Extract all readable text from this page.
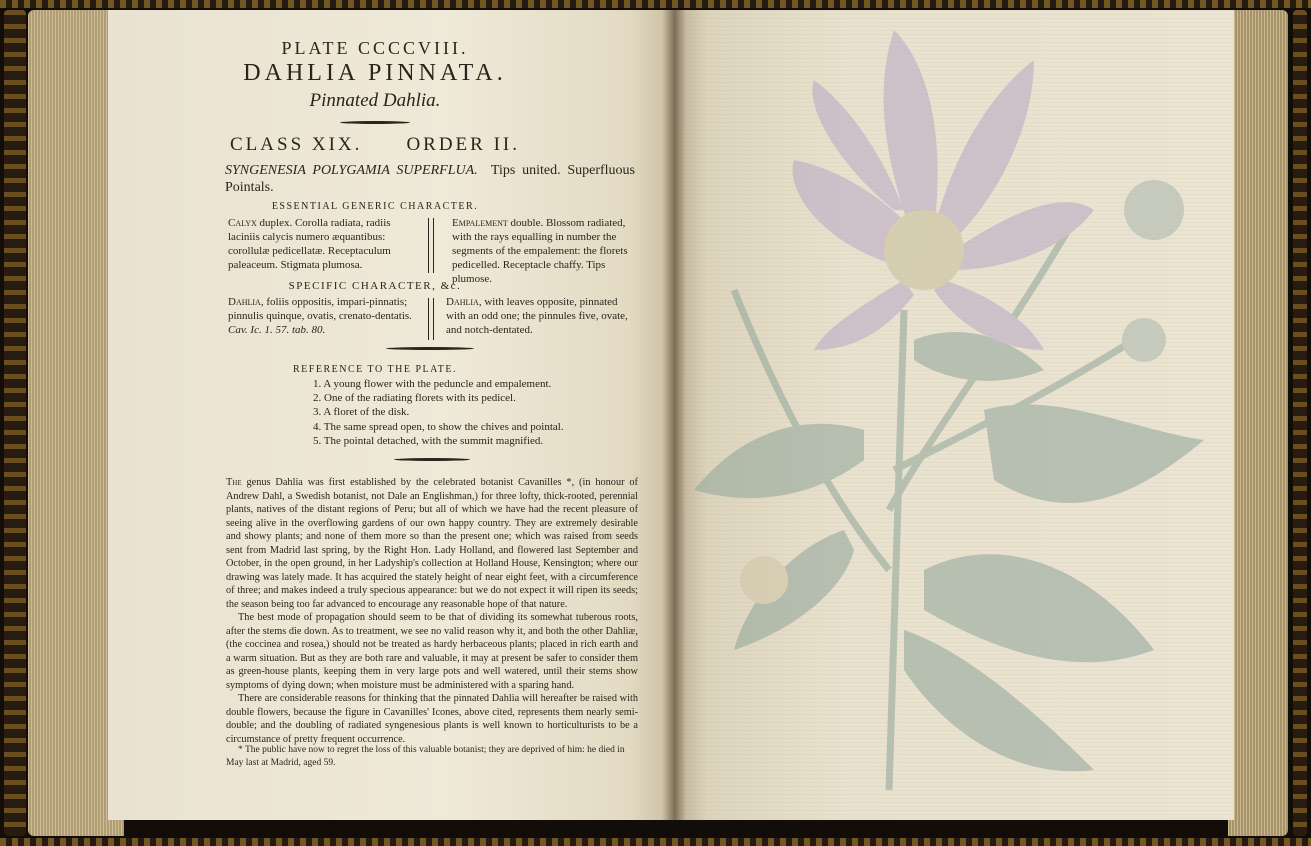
PLATE CCCCVIII.
DAHLIA PINNATA.
Pinnated Dahlia.
CLASS XIX. ORDER II.
SYNGENESIA POLYGAMIA SUPERFLUA. Tips united. Superfluous Pointals.
ESSENTIAL GENERIC CHARACTER.
Calyx duplex. Corolla radiata, radiis laciniis calycis numero æquantibus: corollulæ pedicellatæ. Receptaculum paleaceum. Stigmata plumosa.
Empalement double. Blossom radiated, with the rays equalling in number the segments of the empalement: the florets pedicelled. Receptacle chaffy. Tips plumose.
SPECIFIC CHARACTER, &c.
Dahlia, foliis oppositis, impari-pinnatis; pinnulis quinque, ovatis, crenato-dentatis.
Cav. Ic. 1. 57. tab. 80.
Dahlia, with leaves opposite, pinnated with an odd one; the pinnules five, ovate, and notch-dentated.
REFERENCE TO THE PLATE.
1. A young flower with the peduncle and empalement.
2. One of the radiating florets with its pedicel.
3. A floret of the disk.
4. The same spread open, to show the chives and pointal.
5. The pointal detached, with the summit magnified.

The genus Dahlia was first established by the celebrated botanist Cavanilles *, (in honour of Andrew Dahl, a Swedish botanist, not Dale an Englishman,) for three lofty, thick-rooted, perennial plants, natives of the distant regions of Peru; but all of which we have had the recent pleasure of seeing alive in the overflowing gardens of our own happy country. They are extremely desirable and showy plants; and none of them more so than the present one; which was raised from seeds sent from Madrid last spring, by the Right Hon. Lady Holland, and flowered last September and October, in the open ground, in her Ladyship's collection at Holland House, Kensington; where our drawing was lately made. It has acquired the stately height of near eight feet, with a circumference of three; and makes indeed a truly specious appearance: but we do not expect it will ripen its seeds; the season being too far advanced to encourage any reasonable hope of that nature.

The best mode of propagation should seem to be that of dividing its somewhat tuberous roots, after the stems die down. As to treatment, we see no valid reason why it, and both the other Dahliæ, (the coccinea and rosea,) should not be treated as hardy herbaceous plants; placed in rich earth and a warm situation. But as they are both rare and valuable, it may at present be safer to consider them as green-house plants, keeping them in very large pots and well watered, until their stems show symptoms of dying down; when moisture must be administered with a sparing hand.

There are considerable reasons for thinking that the pinnated Dahlia will hereafter be raised with double flowers, because the figure in Cavanilles' Icones, above cited, represents them nearly semi-double; and the doubling of radiated syngenesious plants is well known to horticulturists to be a circumstance of pretty frequent occurrence.

* The public have now to regret the loss of this valuable botanist; they are deprived of him: he died in May last at Madrid, aged 59.
